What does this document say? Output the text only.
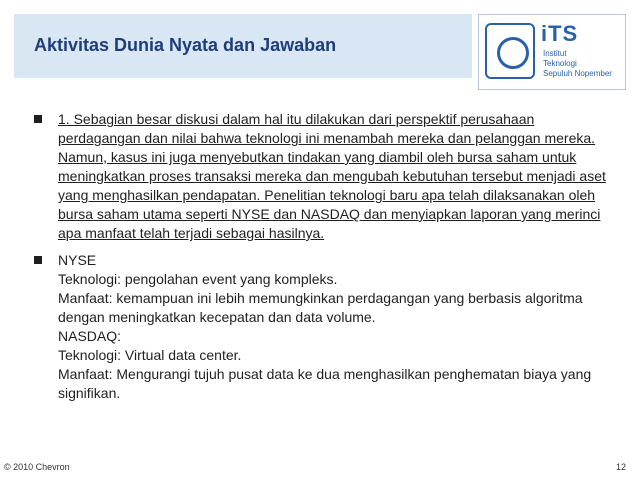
Aktivitas Dunia Nyata dan Jawaban	iTS
Institut
Teknologi
Sepuluh Nopember
1. Sebagian besar diskusi dalam hal itu dilakukan dari perspektif perusahaan perdagangan dan nilai bahwa teknologi ini menambah mereka dan pelanggan mereka. Namun, kasus ini juga menyebutkan tindakan yang diambil oleh bursa saham untuk meningkatkan proses transaksi mereka dan mengubah kebutuhan tersebut menjadi aset yang menghasilkan pendapatan. Penelitian teknologi baru apa telah dilaksanakan oleh bursa saham utama seperti NYSE dan NASDAQ dan menyiapkan laporan yang merinci apa manfaat telah terjadi sebagai hasilnya.
NYSE
Teknologi: pengolahan event yang kompleks.
Manfaat: kemampuan ini lebih memungkinkan perdagangan yang berbasis algoritma dengan meningkatkan kecepatan dan data volume.
NASDAQ:
Teknologi: Virtual data center.
Manfaat: Mengurangi tujuh pusat data ke dua menghasilkan penghematan biaya yang signifikan.
© 2010 Chevron	12
